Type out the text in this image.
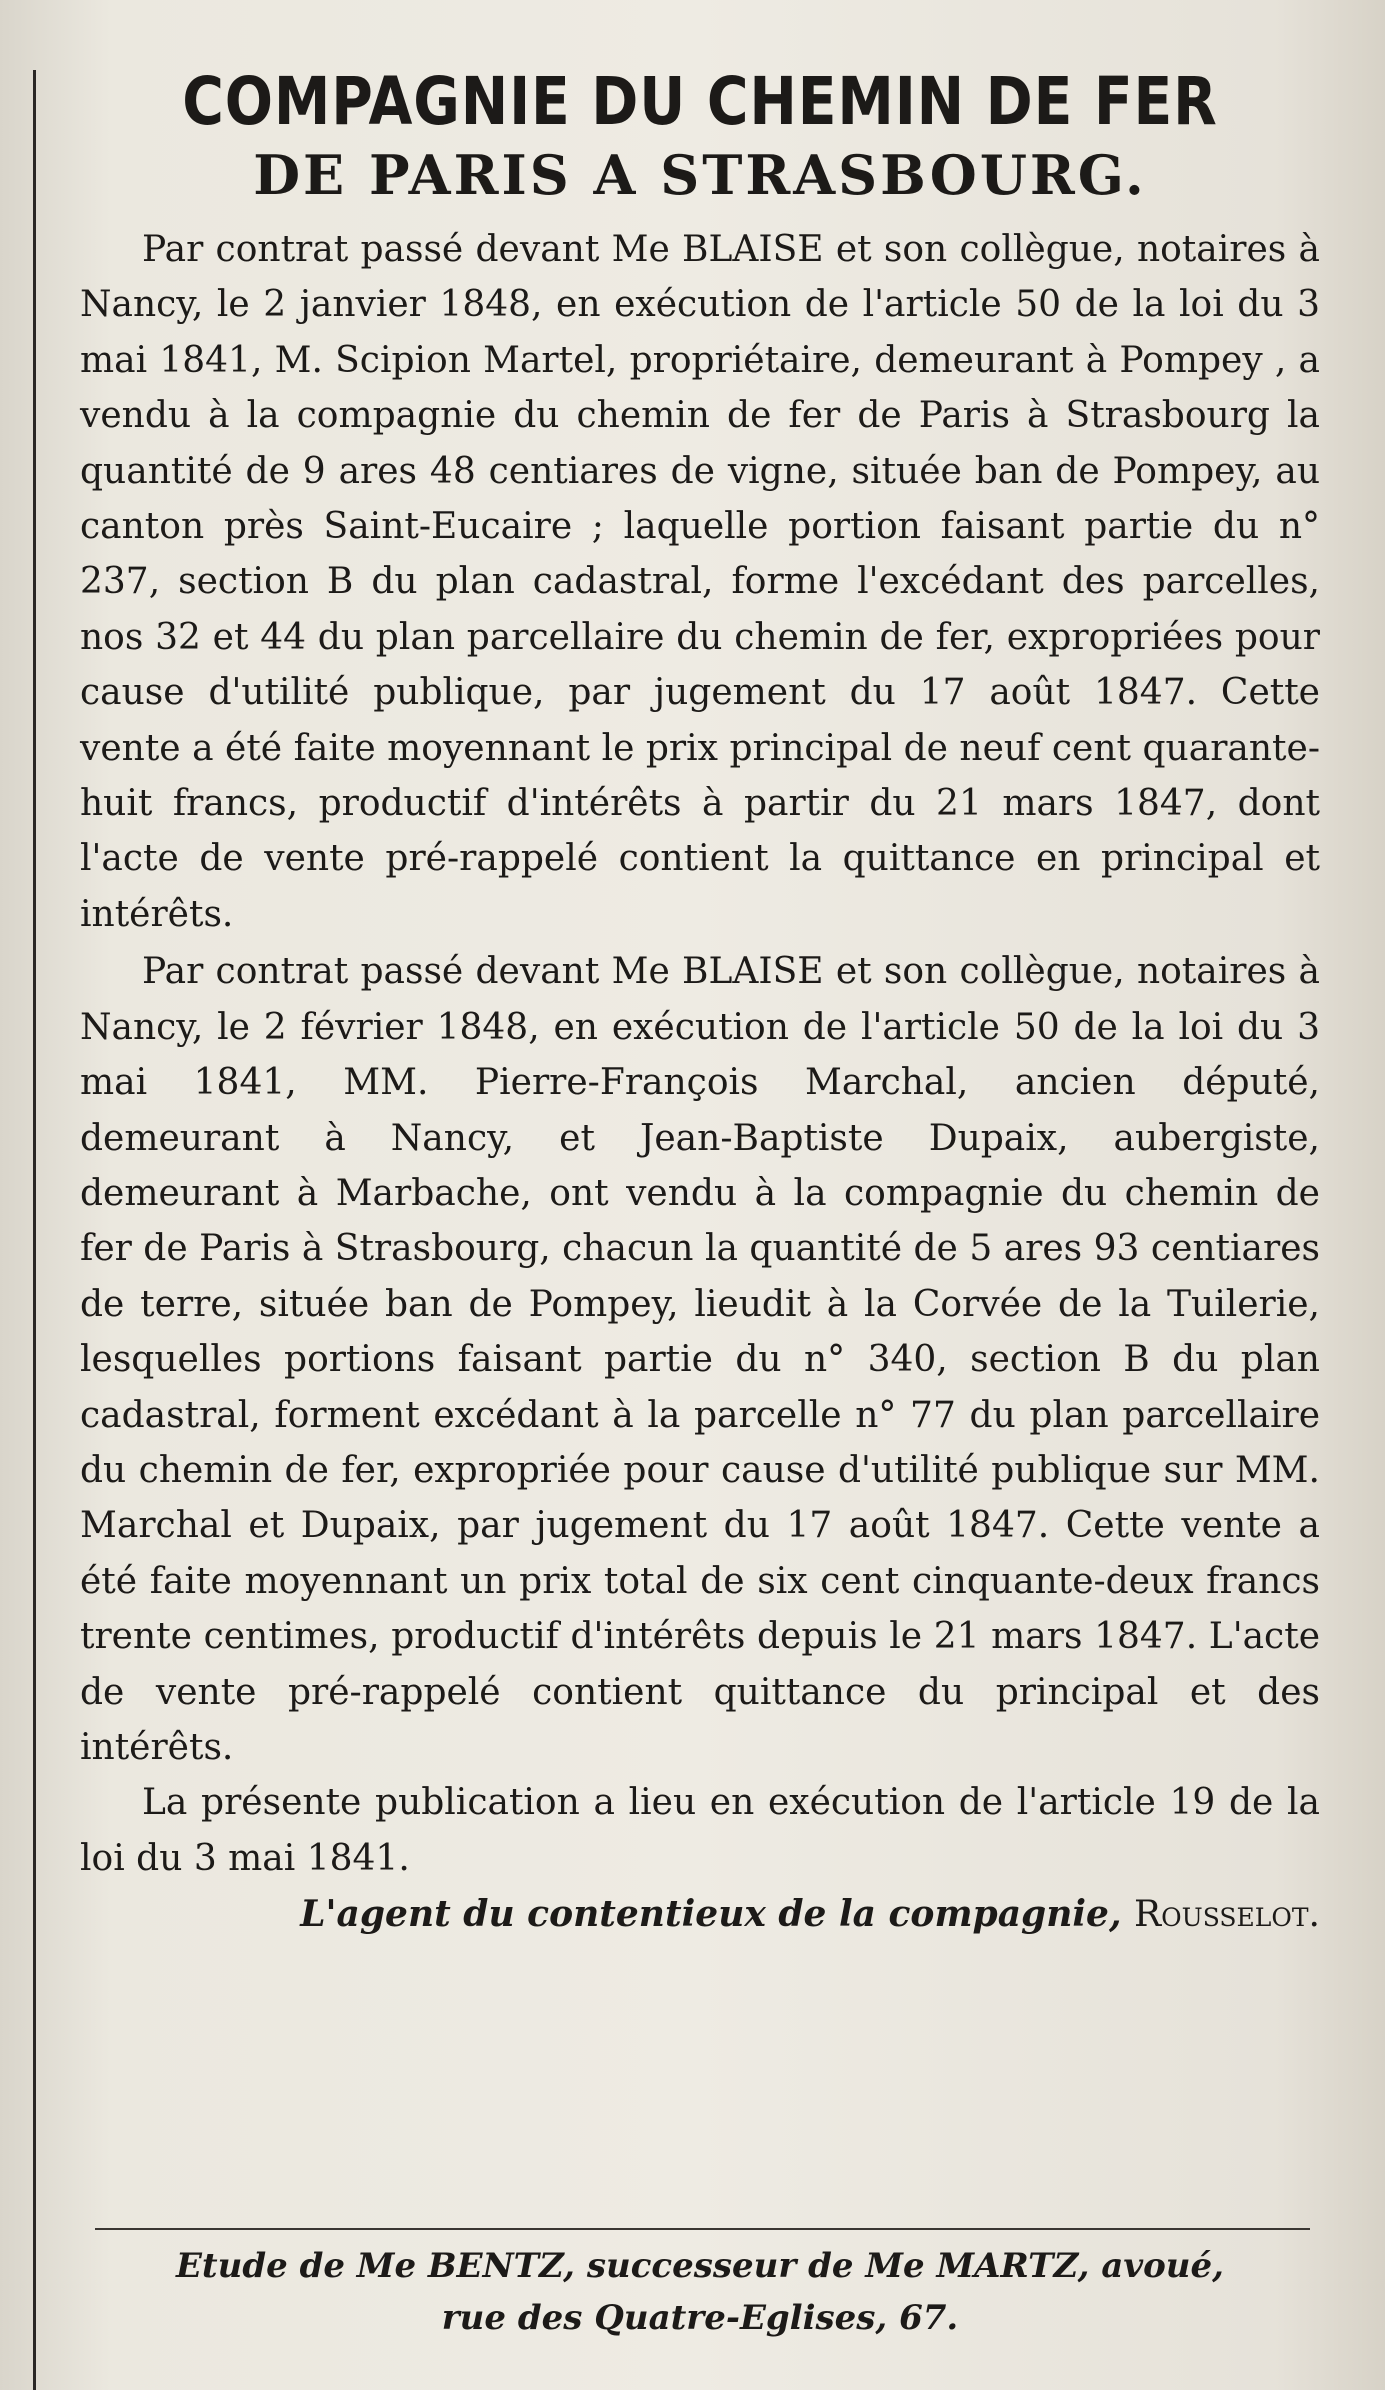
COMPAGNIE DU CHEMIN DE FER
DE PARIS A STRASBOURG.

Par contrat passé devant Me BLAISE et son collègue, notaires à Nancy, le 2 janvier 1848, en exécution de l'article 50 de la loi du 3 mai 1841, M. Scipion Martel, propriétaire, demeurant à Pompey , a vendu à la compagnie du chemin de fer de Paris à Strasbourg la quantité de 9 ares 48 centiares de vigne, située ban de Pompey, au canton près Saint-Eucaire ; laquelle portion faisant partie du n° 237, section B du plan cadastral, forme l'excédant des parcelles, nos 32 et 44 du plan parcellaire du chemin de fer, expropriées pour cause d'utilité publique, par jugement du 17 août 1847. Cette vente a été faite moyennant le prix principal de neuf cent quarante-huit francs, productif d'intérêts à partir du 21 mars 1847, dont l'acte de vente pré-rappelé contient la quittance en principal et intérêts.

Par contrat passé devant Me BLAISE et son collègue, notaires à Nancy, le 2 février 1848, en exécution de l'article 50 de la loi du 3 mai 1841, MM. Pierre-François Marchal, ancien député, demeurant à Nancy, et Jean-Baptiste Dupaix, aubergiste, demeurant à Marbache, ont vendu à la compagnie du chemin de fer de Paris à Strasbourg, chacun la quantité de 5 ares 93 centiares de terre, située ban de Pompey, lieudit à la Corvée de la Tuilerie, lesquelles portions faisant partie du n° 340, section B du plan cadastral, forment excédant à la parcelle n° 77 du plan parcellaire du chemin de fer, expropriée pour cause d'utilité publique sur MM. Marchal et Dupaix, par jugement du 17 août 1847. Cette vente a été faite moyennant un prix total de six cent cinquante-deux francs trente centimes, productif d'intérêts depuis le 21 mars 1847. L'acte de vente pré-rappelé contient quittance du principal et des intérêts.

La présente publication a lieu en exécution de l'article 19 de la loi du 3 mai 1841.

L'agent du contentieux de la compagnie, Rousselot.

Etude de Me BENTZ, successeur de Me MARTZ, avoué,
rue des Quatre-Eglises, 67.
